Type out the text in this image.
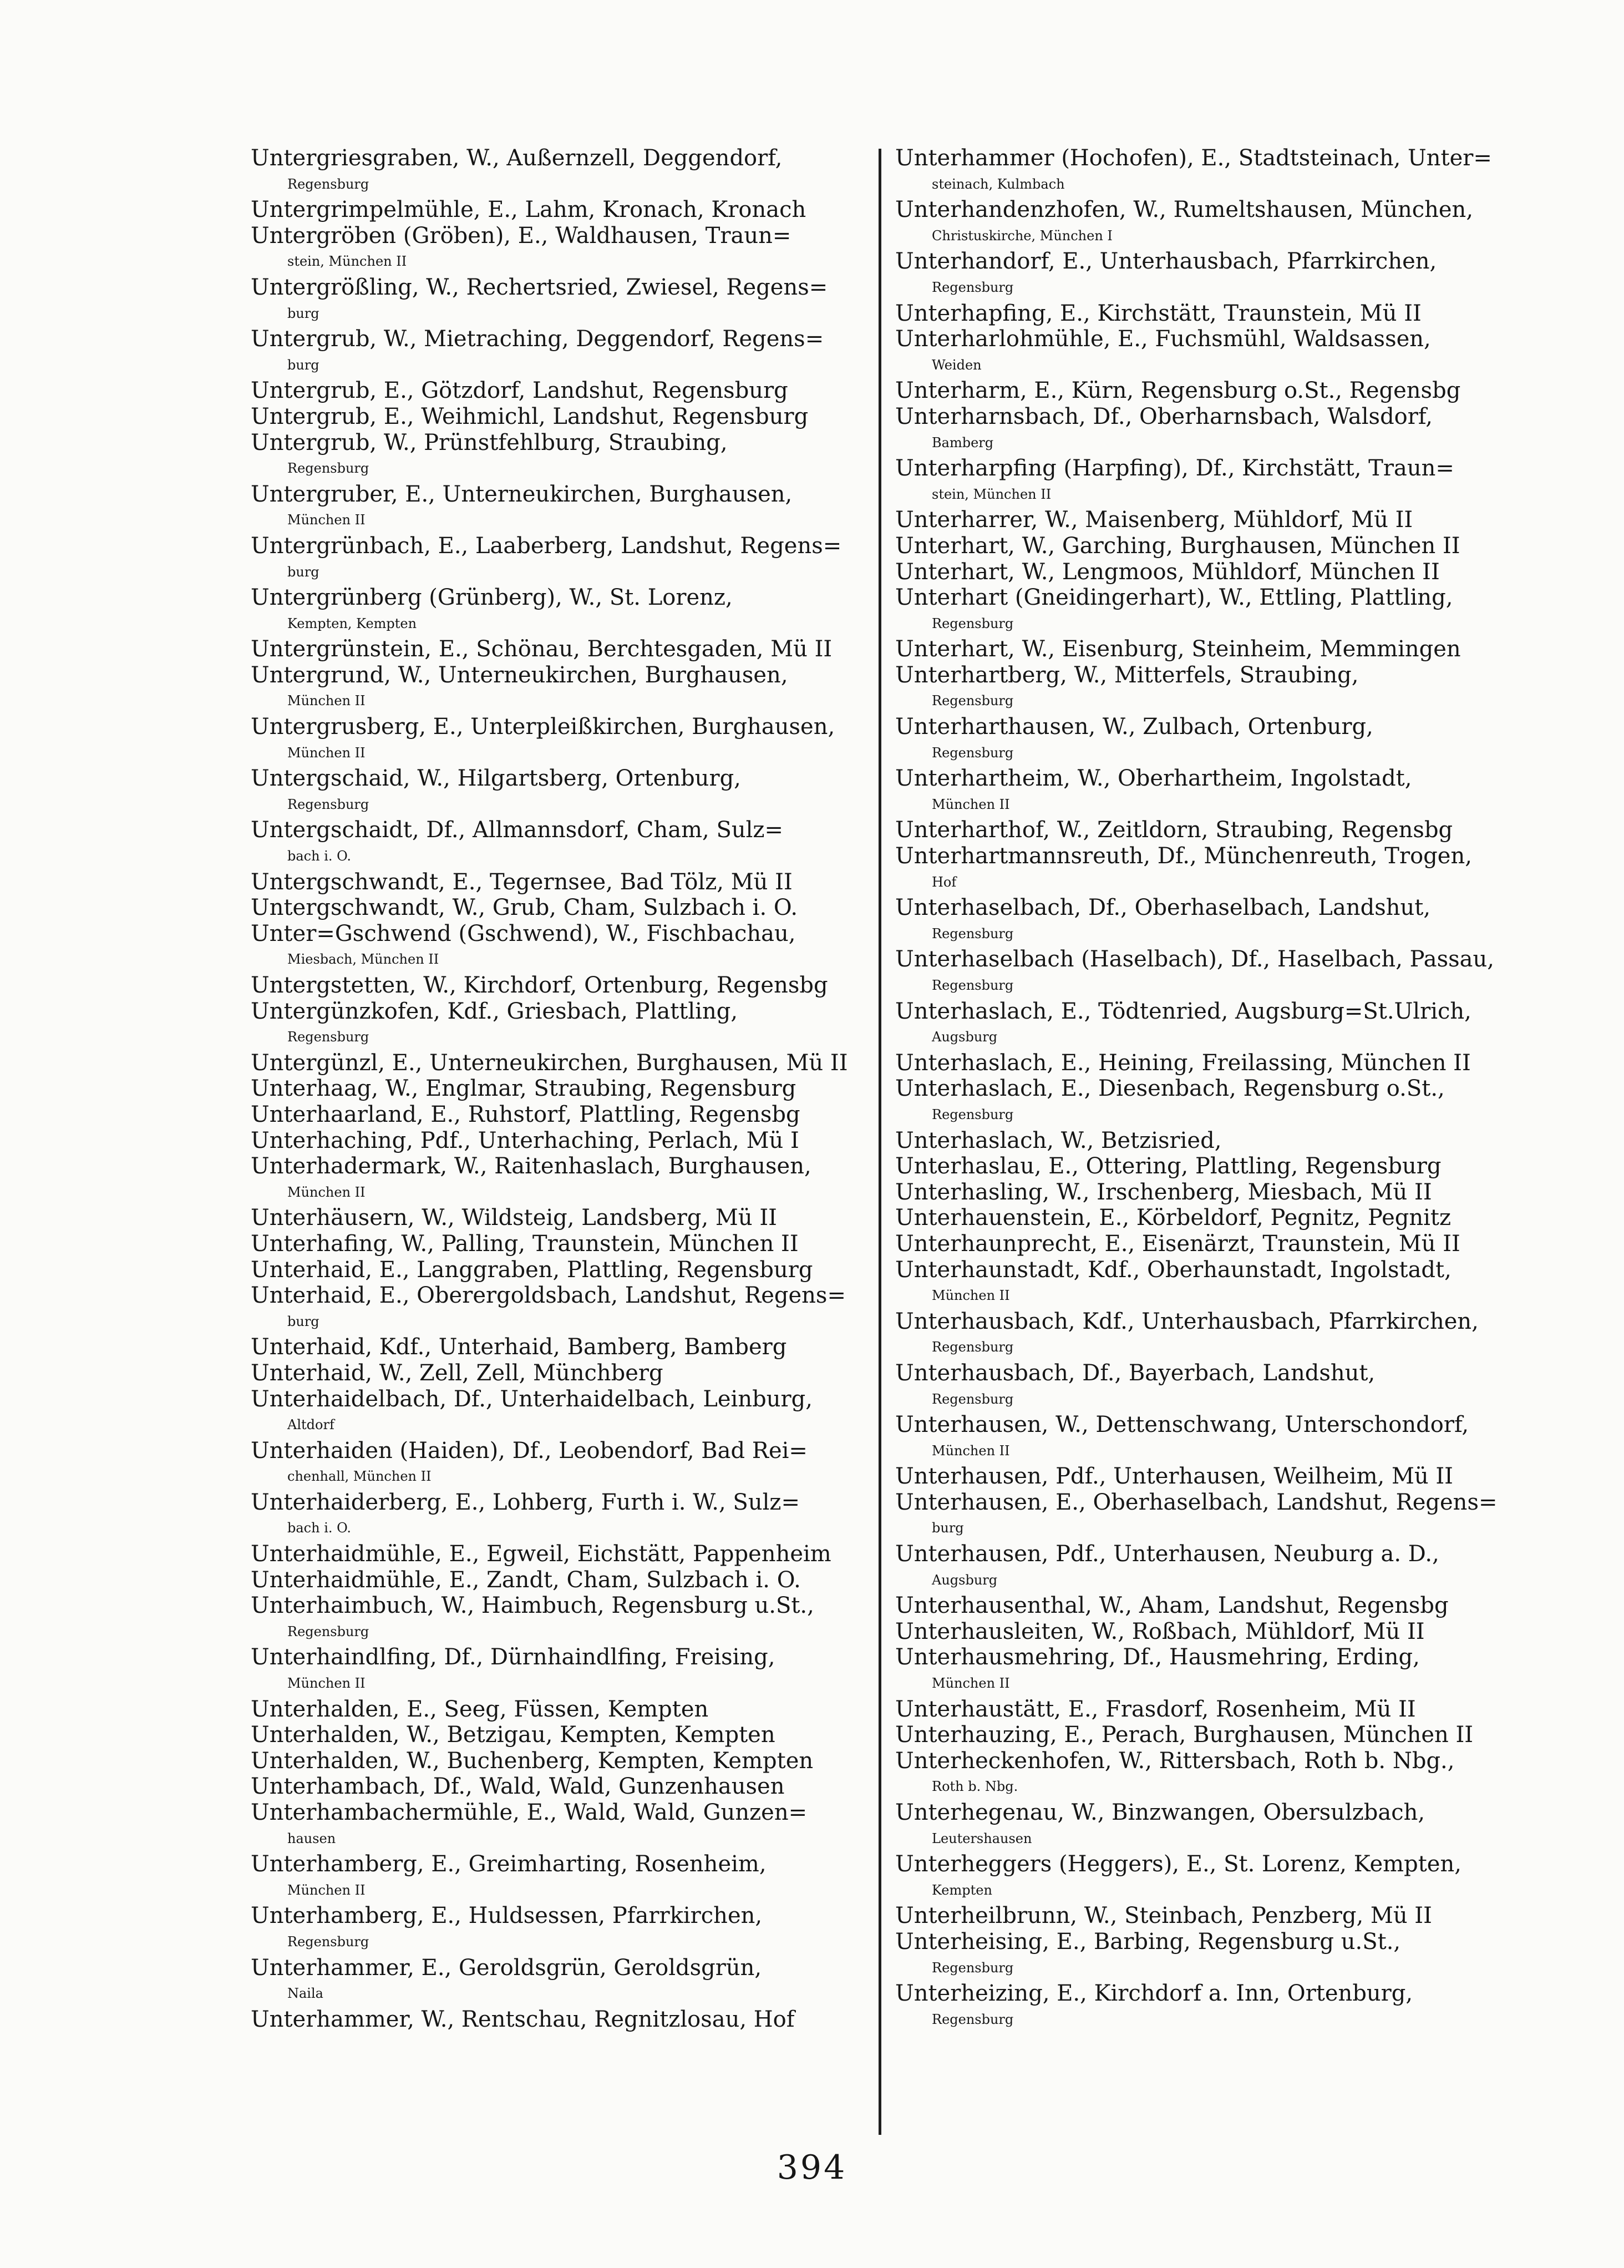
Untergriesgraben, W., Außernzell, Deggendorf,
Regensburg
Untergrimpelmühle, E., Lahm, Kronach, Kronach
Untergröben (Gröben), E., Waldhausen, Traun=
stein, München II
Untergrößling, W., Rechertsried, Zwiesel, Regens=
burg
Untergrub, W., Mietraching, Deggendorf, Regens=
burg
Untergrub, E., Götzdorf, Landshut, Regensburg
Untergrub, E., Weihmichl, Landshut, Regensburg
Untergrub, W., Prünstfehlburg, Straubing,
Regensburg
Untergruber, E., Unterneukirchen, Burghausen,
München II
Untergrünbach, E., Laaberberg, Landshut, Regens=
burg
Untergrünberg (Grünberg), W., St. Lorenz,
Kempten, Kempten
Untergrünstein, E., Schönau, Berchtesgaden, Mü II
Untergrund, W., Unterneukirchen, Burghausen,
München II
Untergrusberg, E., Unterpleißkirchen, Burghausen,
München II
Untergschaid, W., Hilgartsberg, Ortenburg,
Regensburg
Untergschaidt, Df., Allmannsdorf, Cham, Sulz=
bach i. O.
Untergschwandt, E., Tegernsee, Bad Tölz, Mü II
Untergschwandt, W., Grub, Cham, Sulzbach i. O.
Unter=Gschwend (Gschwend), W., Fischbachau,
Miesbach, München II
Untergstetten, W., Kirchdorf, Ortenburg, Regensbg
Untergünzkofen, Kdf., Griesbach, Plattling,
Regensburg
Untergünzl, E., Unterneukirchen, Burghausen, Mü II
Unterhaag, W., Englmar, Straubing, Regensburg
Unterhaarland, E., Ruhstorf, Plattling, Regensbg
Unterhaching, Pdf., Unterhaching, Perlach, Mü I
Unterhadermark, W., Raitenhaslach, Burghausen,
München II
Unterhäusern, W., Wildsteig, Landsberg, Mü II
Unterhafing, W., Palling, Traunstein, München II
Unterhaid, E., Langgraben, Plattling, Regensburg
Unterhaid, E., Oberergoldsbach, Landshut, Regens=
burg
Unterhaid, Kdf., Unterhaid, Bamberg, Bamberg
Unterhaid, W., Zell, Zell, Münchberg
Unterhaidelbach, Df., Unterhaidelbach, Leinburg,
Altdorf
Unterhaiden (Haiden), Df., Leobendorf, Bad Rei=
chenhall, München II
Unterhaiderberg, E., Lohberg, Furth i. W., Sulz=
bach i. O.
Unterhaidmühle, E., Egweil, Eichstätt, Pappenheim
Unterhaidmühle, E., Zandt, Cham, Sulzbach i. O.
Unterhaimbuch, W., Haimbuch, Regensburg u.St.,
Regensburg
Unterhaindlfing, Df., Dürnhaindlfing, Freising,
München II
Unterhalden, E., Seeg, Füssen, Kempten
Unterhalden, W., Betzigau, Kempten, Kempten
Unterhalden, W., Buchenberg, Kempten, Kempten
Unterhambach, Df., Wald, Wald, Gunzenhausen
Unterhambachermühle, E., Wald, Wald, Gunzen=
hausen
Unterhamberg, E., Greimharting, Rosenheim,
München II
Unterhamberg, E., Huldsessen, Pfarrkirchen,
Regensburg
Unterhammer, E., Geroldsgrün, Geroldsgrün,
Naila
Unterhammer, W., Rentschau, Regnitzlosau, Hof
Unterhammer (Hochofen), E., Stadtsteinach, Unter=
steinach, Kulmbach
Unterhandenzhofen, W., Rumeltshausen, München,
Christuskirche, München I
Unterhandorf, E., Unterhausbach, Pfarrkirchen,
Regensburg
Unterhapfing, E., Kirchstätt, Traunstein, Mü II
Unterharlohmühle, E., Fuchsmühl, Waldsassen,
Weiden
Unterharm, E., Kürn, Regensburg o.St., Regensbg
Unterharnsbach, Df., Oberharnsbach, Walsdorf,
Bamberg
Unterharpfing (Harpfing), Df., Kirchstätt, Traun=
stein, München II
Unterharrer, W., Maisenberg, Mühldorf, Mü II
Unterhart, W., Garching, Burghausen, München II
Unterhart, W., Lengmoos, Mühldorf, München II
Unterhart (Gneidingerhart), W., Ettling, Plattling,
Regensburg
Unterhart, W., Eisenburg, Steinheim, Memmingen
Unterhartberg, W., Mitterfels, Straubing,
Regensburg
Unterharthausen, W., Zulbach, Ortenburg,
Regensburg
Unterhartheim, W., Oberhartheim, Ingolstadt,
München II
Unterharthof, W., Zeitldorn, Straubing, Regensbg
Unterhartmannsreuth, Df., Münchenreuth, Trogen,
Hof
Unterhaselbach, Df., Oberhaselbach, Landshut,
Regensburg
Unterhaselbach (Haselbach), Df., Haselbach, Passau,
Regensburg
Unterhaslach, E., Tödtenried, Augsburg=St.Ulrich,
Augsburg
Unterhaslach, E., Heining, Freilassing, München II
Unterhaslach, E., Diesenbach, Regensburg o.St.,
Regensburg
Unterhaslach, W., Betzisried,
Unterhaslau, E., Ottering, Plattling, Regensburg
Unterhasling, W., Irschenberg, Miesbach, Mü II
Unterhauenstein, E., Körbeldorf, Pegnitz, Pegnitz
Unterhaunprecht, E., Eisenärzt, Traunstein, Mü II
Unterhaunstadt, Kdf., Oberhaunstadt, Ingolstadt,
München II
Unterhausbach, Kdf., Unterhausbach, Pfarrkirchen,
Regensburg
Unterhausbach, Df., Bayerbach, Landshut,
Regensburg
Unterhausen, W., Dettenschwang, Unterschondorf,
München II
Unterhausen, Pdf., Unterhausen, Weilheim, Mü II
Unterhausen, E., Oberhaselbach, Landshut, Regens=
burg
Unterhausen, Pdf., Unterhausen, Neuburg a. D.,
Augsburg
Unterhausenthal, W., Aham, Landshut, Regensbg
Unterhausleiten, W., Roßbach, Mühldorf, Mü II
Unterhausmehring, Df., Hausmehring, Erding,
München II
Unterhaustätt, E., Frasdorf, Rosenheim, Mü II
Unterhauzing, E., Perach, Burghausen, München II
Unterheckenhofen, W., Rittersbach, Roth b. Nbg.,
Roth b. Nbg.
Unterhegenau, W., Binzwangen, Obersulzbach,
Leutershausen
Unterheggers (Heggers), E., St. Lorenz, Kempten,
Kempten
Unterheilbrunn, W., Steinbach, Penzberg, Mü II
Unterheising, E., Barbing, Regensburg u.St.,
Regensburg
Unterheizing, E., Kirchdorf a. Inn, Ortenburg,
Regensburg
394
